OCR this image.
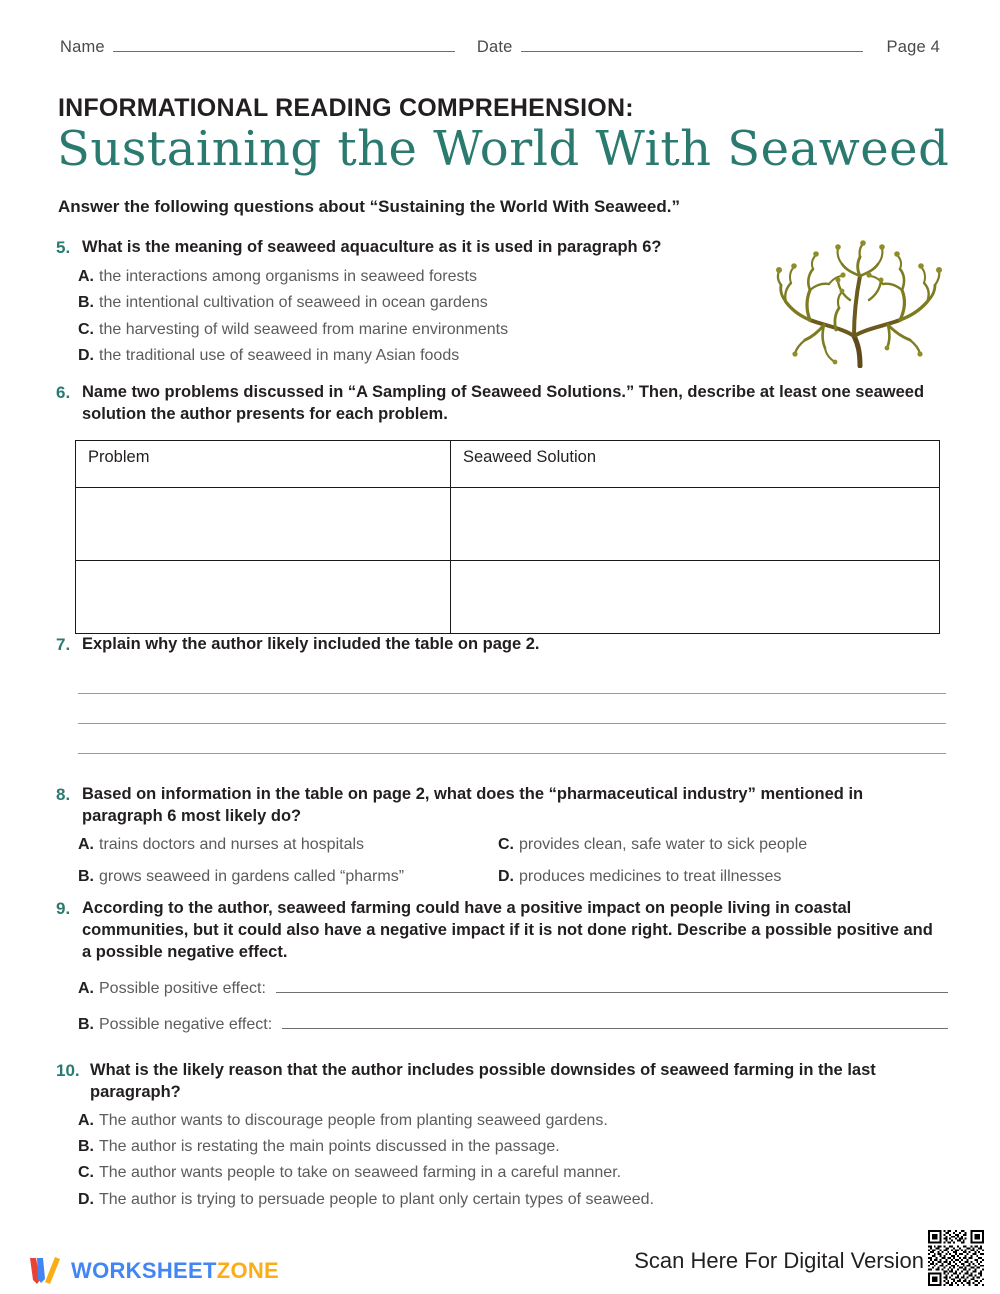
Name	Date	Page 4
INFORMATIONAL READING COMPREHENSION:
Sustaining the World With Seaweed
Answer the following questions about “Sustaining the World With Seaweed.”
5. What is the meaning of seaweed aquaculture as it is used in paragraph 6?
A. the interactions among organisms in seaweed forests
B. the intentional cultivation of seaweed in ocean gardens
C. the harvesting of wild seaweed from marine environments
D. the traditional use of seaweed in many Asian foods
6. Name two problems discussed in “A Sampling of Seaweed Solutions.” Then, describe at least one seaweed solution the author presents for each problem.
Problem	Seaweed Solution

7. Explain why the author likely included the table on page 2.
8. Based on information in the table on page 2, what does the “pharmaceutical industry” mentioned in paragraph 6 most likely do?
A. trains doctors and nurses at hospitals	C. provides clean, safe water to sick people
B. grows seaweed in gardens called “pharms”	D. produces medicines to treat illnesses
9. According to the author, seaweed farming could have a positive impact on people living in coastal communities, but it could also have a negative impact if it is not done right. Describe a possible positive and a possible negative effect.
A. Possible positive effect:
B. Possible negative effect:
10. What is the likely reason that the author includes possible downsides of seaweed farming in the last paragraph?
A. The author wants to discourage people from planting seaweed gardens.
B. The author is restating the main points discussed in the passage.
C. The author wants people to take on seaweed farming in a careful manner.
D. The author is trying to persuade people to plant only certain types of seaweed.
WORKSHEETZONE	Scan Here For Digital Version
